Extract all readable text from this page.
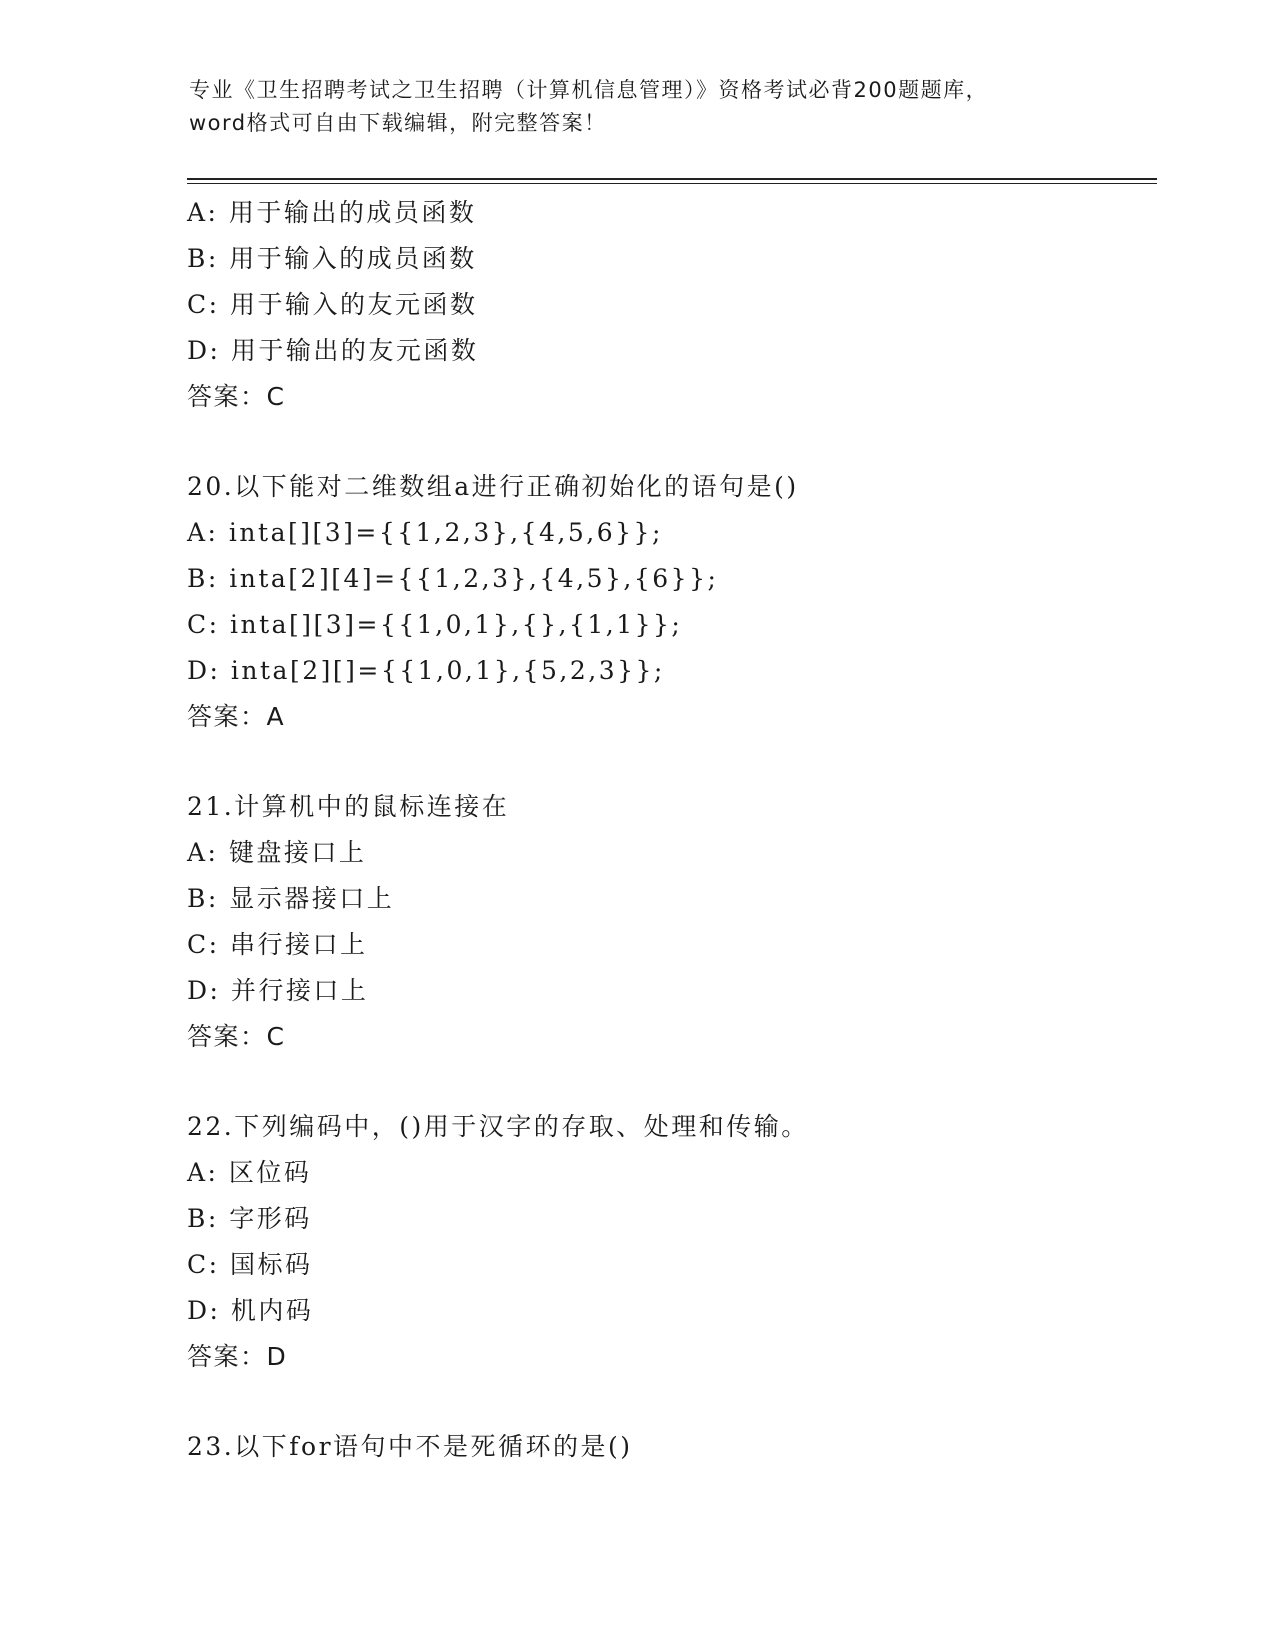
专业《卫生招聘考试之卫生招聘（计算机信息管理）》资格考试必背200题题库，
word格式可自由下载编辑，附完整答案！
A: 用于输出的成员函数
B: 用于输入的成员函数
C: 用于输入的友元函数
D: 用于输出的友元函数
答案：C
20.以下能对二维数组a进行正确初始化的语句是()
A: inta[][3]={{1,2,3},{4,5,6}};
B: inta[2][4]={{1,2,3},{4,5},{6}};
C: inta[][3]={{1,0,1},{},{1,1}};
D: inta[2][]={{1,0,1},{5,2,3}};
答案：A
21.计算机中的鼠标连接在
A: 键盘接口上
B: 显示器接口上
C: 串行接口上
D: 并行接口上
答案：C
22.下列编码中，()用于汉字的存取、处理和传输。
A: 区位码
B: 字形码
C: 国标码
D: 机内码
答案：D
23.以下for语句中不是死循环的是()
